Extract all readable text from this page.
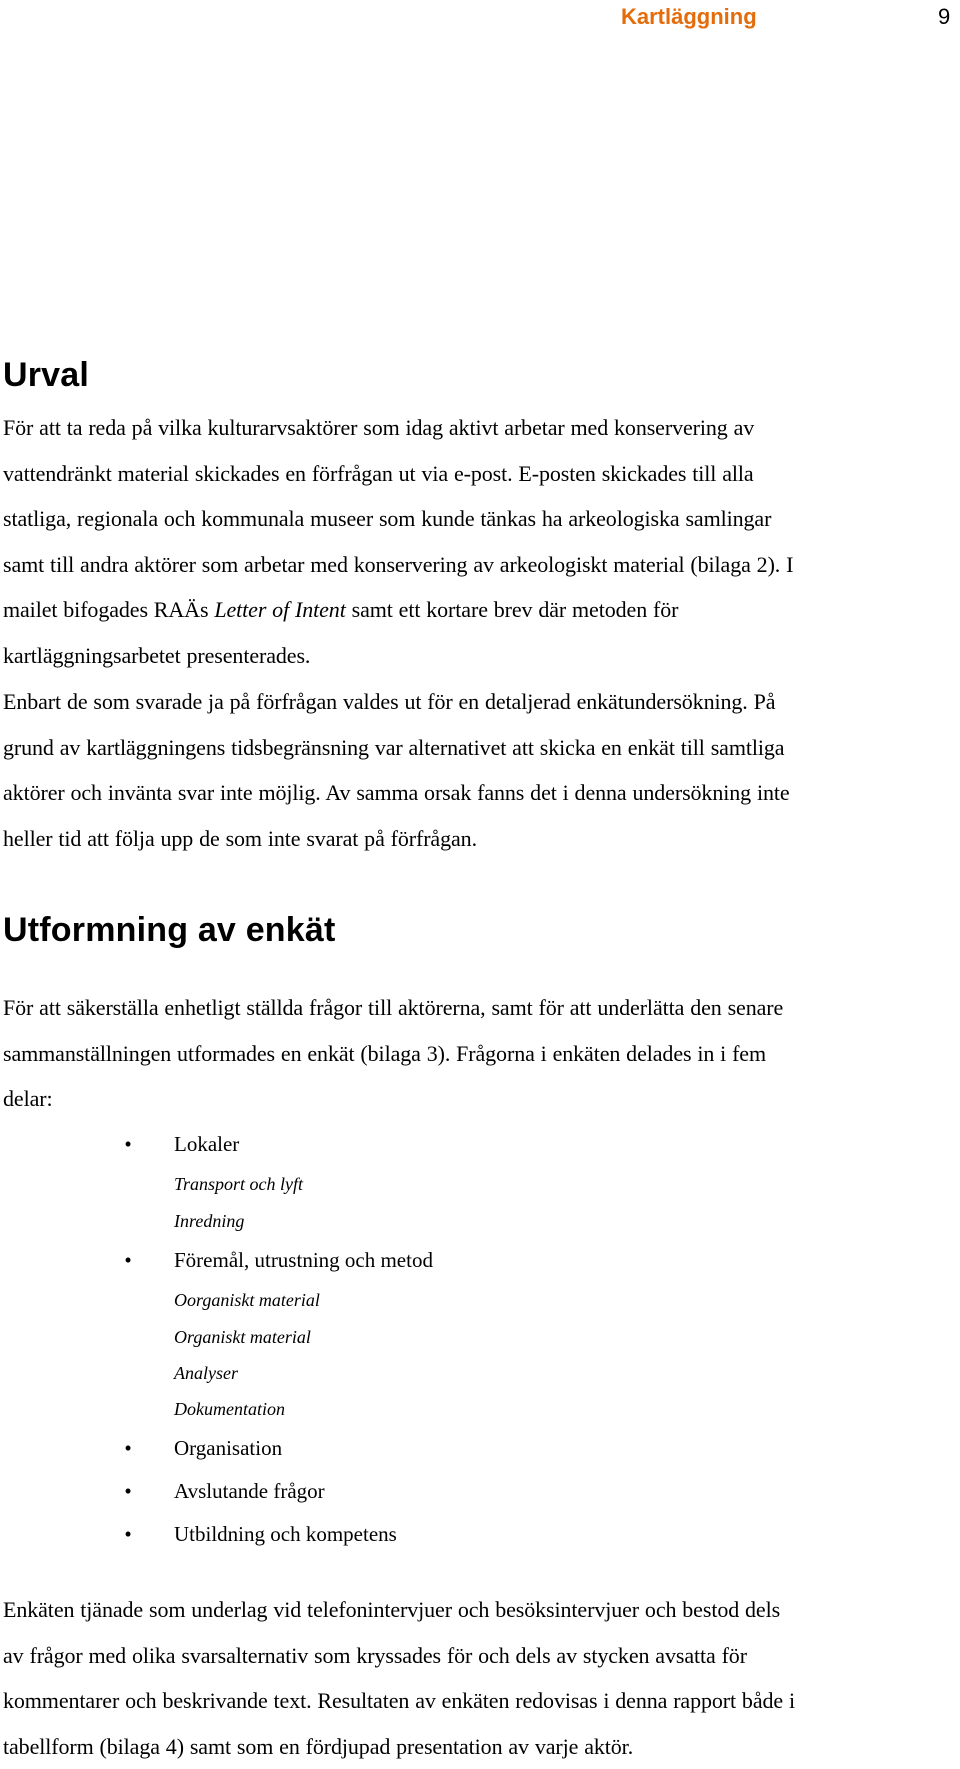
Kartläggning	9
Urval
För att ta reda på vilka kulturarvsaktörer som idag aktivt arbetar med konservering av
vattendränkt material skickades en förfrågan ut via e-post. E-posten skickades till alla
statliga, regionala och kommunala museer som kunde tänkas ha arkeologiska samlingar
samt till andra aktörer som arbetar med konservering av arkeologiskt material (bilaga 2). I
mailet bifogades RAÄs Letter of Intent samt ett kortare brev där metoden för
kartläggningsarbetet presenterades.
Enbart de som svarade ja på förfrågan valdes ut för en detaljerad enkätundersökning. På
grund av kartläggningens tidsbegränsning var alternativet att skicka en enkät till samtliga
aktörer och invänta svar inte möjlig. Av samma orsak fanns det i denna undersökning inte
heller tid att följa upp de som inte svarat på förfrågan.
Utformning av enkät
För att säkerställa enhetligt ställda frågor till aktörerna, samt för att underlätta den senare
sammanställningen utformades en enkät (bilaga 3). Frågorna i enkäten delades in i fem
delar:
•	Lokaler
Transport och lyft
Inredning
•	Föremål, utrustning och metod
Oorganiskt material
Organiskt material
Analyser
Dokumentation
•	Organisation
•	Avslutande frågor
•	Utbildning och kompetens
Enkäten tjänade som underlag vid telefonintervjuer och besöksintervjuer och bestod dels
av frågor med olika svarsalternativ som kryssades för och dels av stycken avsatta för
kommentarer och beskrivande text. Resultaten av enkäten redovisas i denna rapport både i
tabellform (bilaga 4) samt som en fördjupad presentation av varje aktör.
